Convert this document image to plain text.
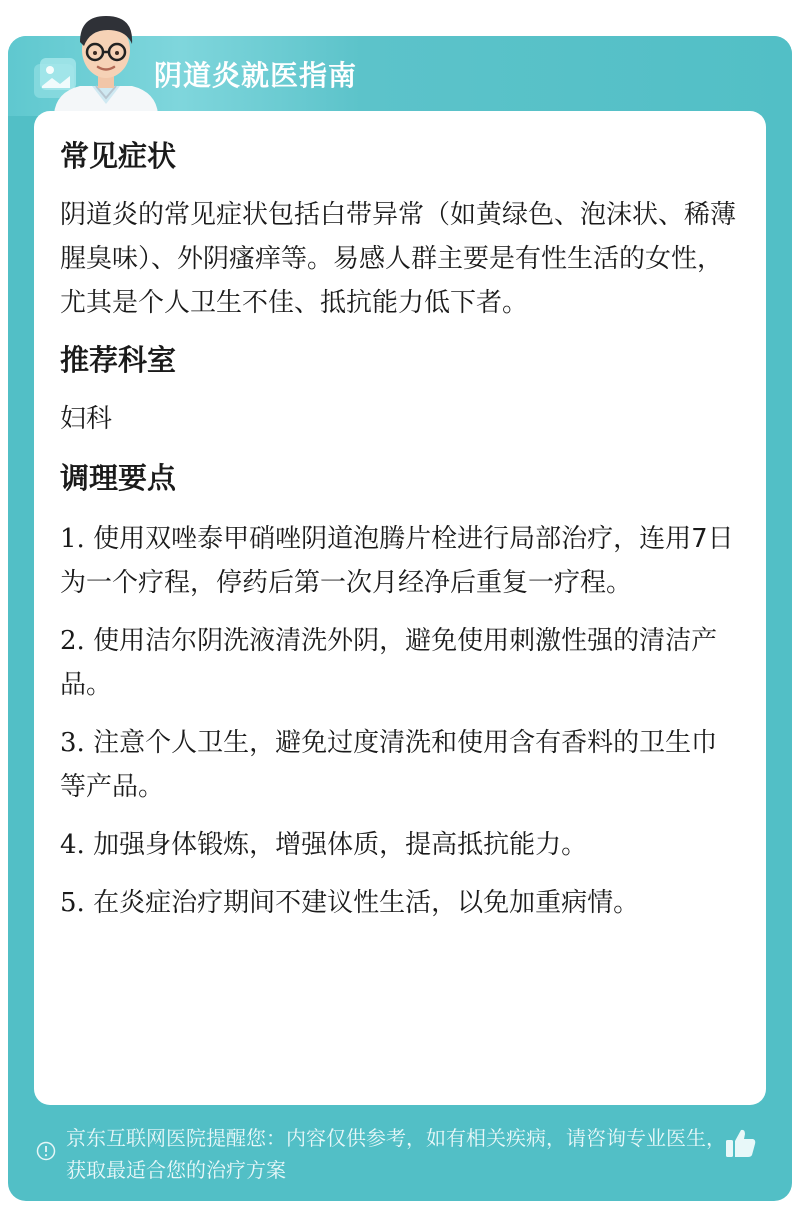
阴道炎就医指南
常见症状
阴道炎的常见症状包括白带异常（如黄绿色、泡沫状、稀薄腥臭味）、外阴瘙痒等。易感人群主要是有性生活的女性，尤其是个人卫生不佳、抵抗能力低下者。
推荐科室
妇科
调理要点
1. 使用双唑泰甲硝唑阴道泡腾片栓进行局部治疗，连用7日为一个疗程，停药后第一次月经净后重复一疗程。
2. 使用洁尔阴洗液清洗外阴，避免使用刺激性强的清洁产品。
3. 注意个人卫生，避免过度清洗和使用含有香料的卫生巾等产品。
4. 加强身体锻炼，增强体质，提高抵抗能力。
5. 在炎症治疗期间不建议性生活，以免加重病情。
京东互联网医院提醒您：内容仅供参考，如有相关疾病，请咨询专业医生，获取最适合您的治疗方案
